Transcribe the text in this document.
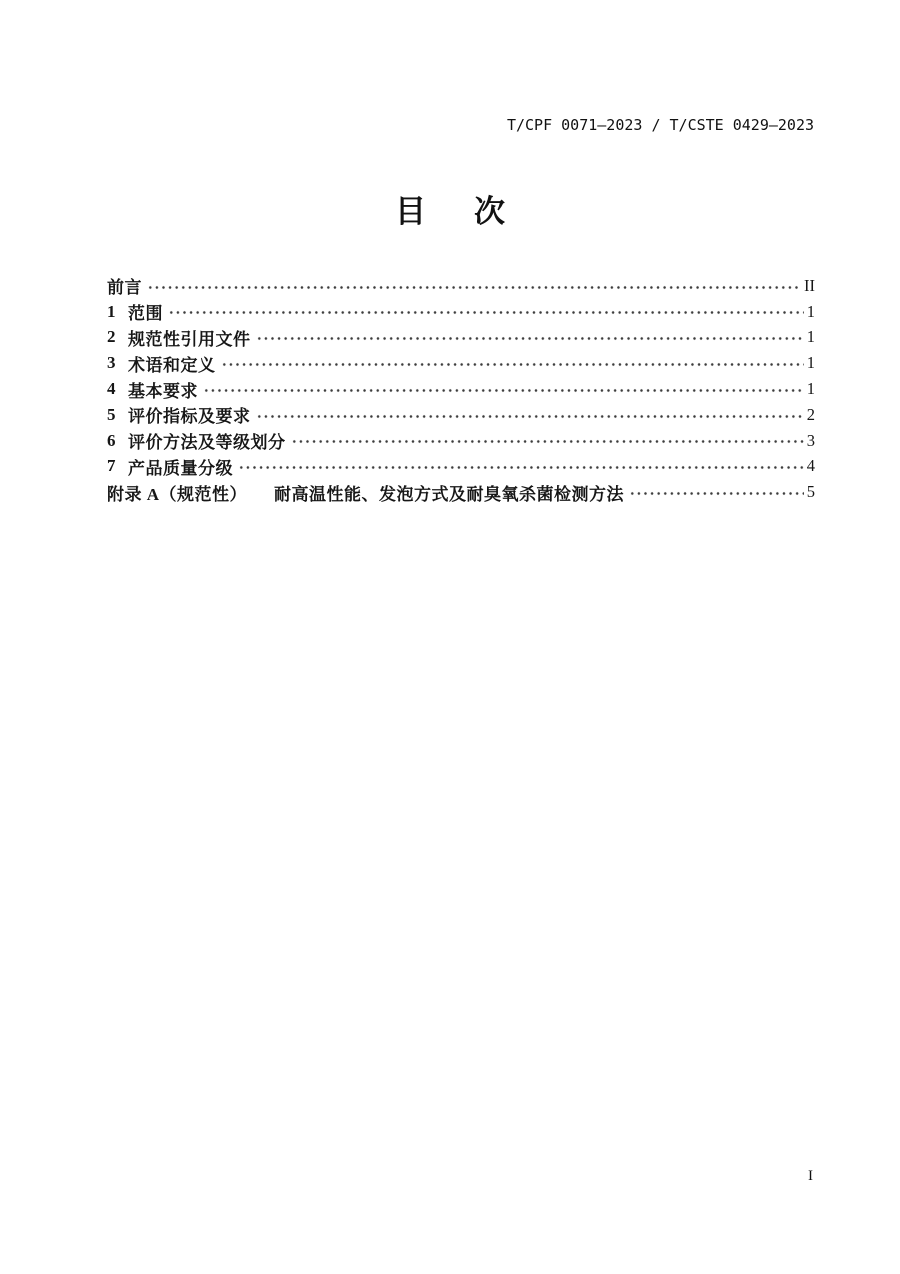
T/CPF 0071—2023 / T/CSTE 0429—2023
目 次
前言	II
1 范围	1
2 规范性引用文件	1
3 术语和定义	1
4 基本要求	1
5 评价指标及要求	2
6 评价方法及等级划分	3
7 产品质量分级	4
附录 A（规范性） 耐高温性能、发泡方式及耐臭氧杀菌检测方法	5
I
